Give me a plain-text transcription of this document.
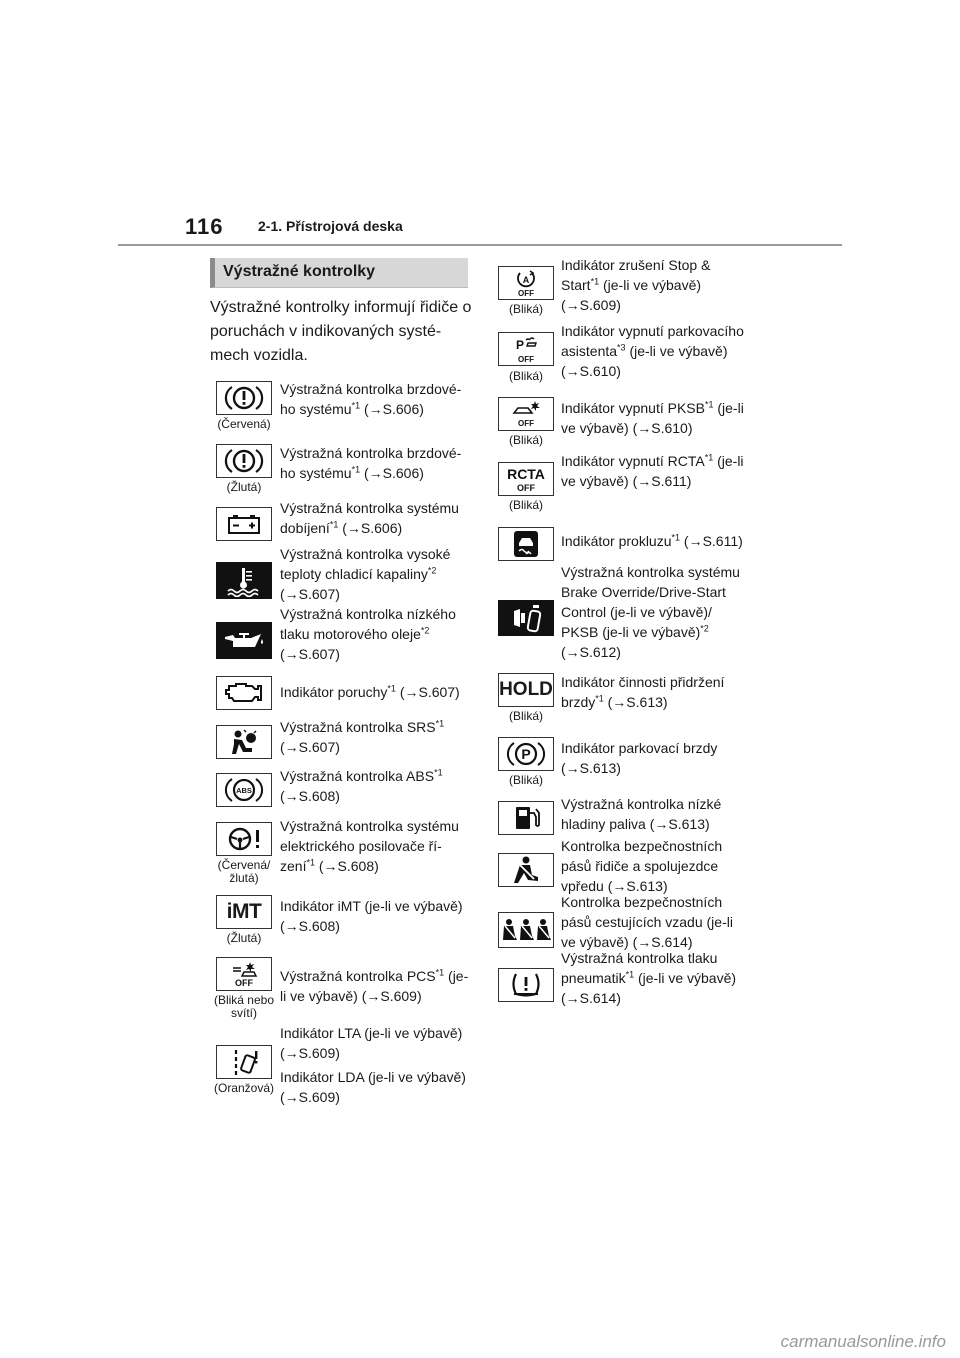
116 2-1. Přístrojová deska
Výstražné kontrolky
Výstražné kontrolky informují řidiče o poruchách v indikovaných systé-mech vozidla.
(Červená)
Výstražná kontrolka brzdové-ho systému$^{*1}$ (→S.606)
(Žlutá)
Výstražná kontrolka brzdové-ho systému$^{*1}$ (→S.606)
Výstražná kontrolka systému dobíjení$^{*1}$ (→S.606)
Výstražná kontrolka vysoké teploty chladicí kapaliny$^{*2}$ (→S.607)
Výstražná kontrolka nízkého tlaku motorového oleje$^{*2}$ (→S.607)
Indikátor poruchy$^{*1}$ (→S.607)
Výstražná kontrolka SRS$^{*1}$ (→S.607)
ABS
Výstražná kontrolka ABS$^{*1}$ (→S.608)
(Červená/ žlutá)
Výstražná kontrolka systému elektrického posilovače ří-zení$^{*1}$ (→S.608)
iMT
(Žlutá)

Indikátor iMT (je-li ve výbavě)

(→S.608)

OFF
(Bliká nebo svítí)
Výstražná kontrolka PCS$^{*1}$ (je-li ve výbavě) (→S.609)
(Oranžová)

Indikátor LTA (je-li ve výbavě)

(→S.609)

Indikátor LDA (je-li ve výbavě)

(→S.609)

A
OFF
(Bliká)
Indikátor zrušení Stop & Start$^{*1}$ (je-li ve výbavě) (→S.609)
P
OFF
(Bliká)
Indikátor vypnutí parkovacího asistenta$^{*3}$ (je-li ve výbavě) (→S.610)
OFF
(Bliká)
Indikátor vypnutí PKSB$^{*1}$ (je-li ve výbavě) (→S.610)
RCTA
OFF
(Bliká)
Indikátor vypnutí RCTA$^{*1}$ (je-li ve výbavě) (→S.611)
Indikátor prokluzu$^{*1}$ (→S.611)
Výstražná kontrolka systému Brake Override/Drive-Start Control (je-li ve výbavě)/ PKSB (je-li ve výbavě)$^{*2}$ (→S.612)
HOLD
(Bliká)
Indikátor činnosti přidržení brzdy$^{*1}$ (→S.613)
P
(Bliká)

Indikátor parkovací brzdy

(→S.613)

Výstražná kontrolka nízké hladiny paliva (→S.613)
Kontrolka bezpečnostních pásů řidiče a spolujezdce vpředu (→S.613)
Kontrolka bezpečnostních pásů cestujících vzadu (je-li ve výbavě) (→S.614)
Výstražná kontrolka tlaku pneumatik$^{*1}$ (je-li ve výbavě) (→S.614)
carmanualsonline.info
